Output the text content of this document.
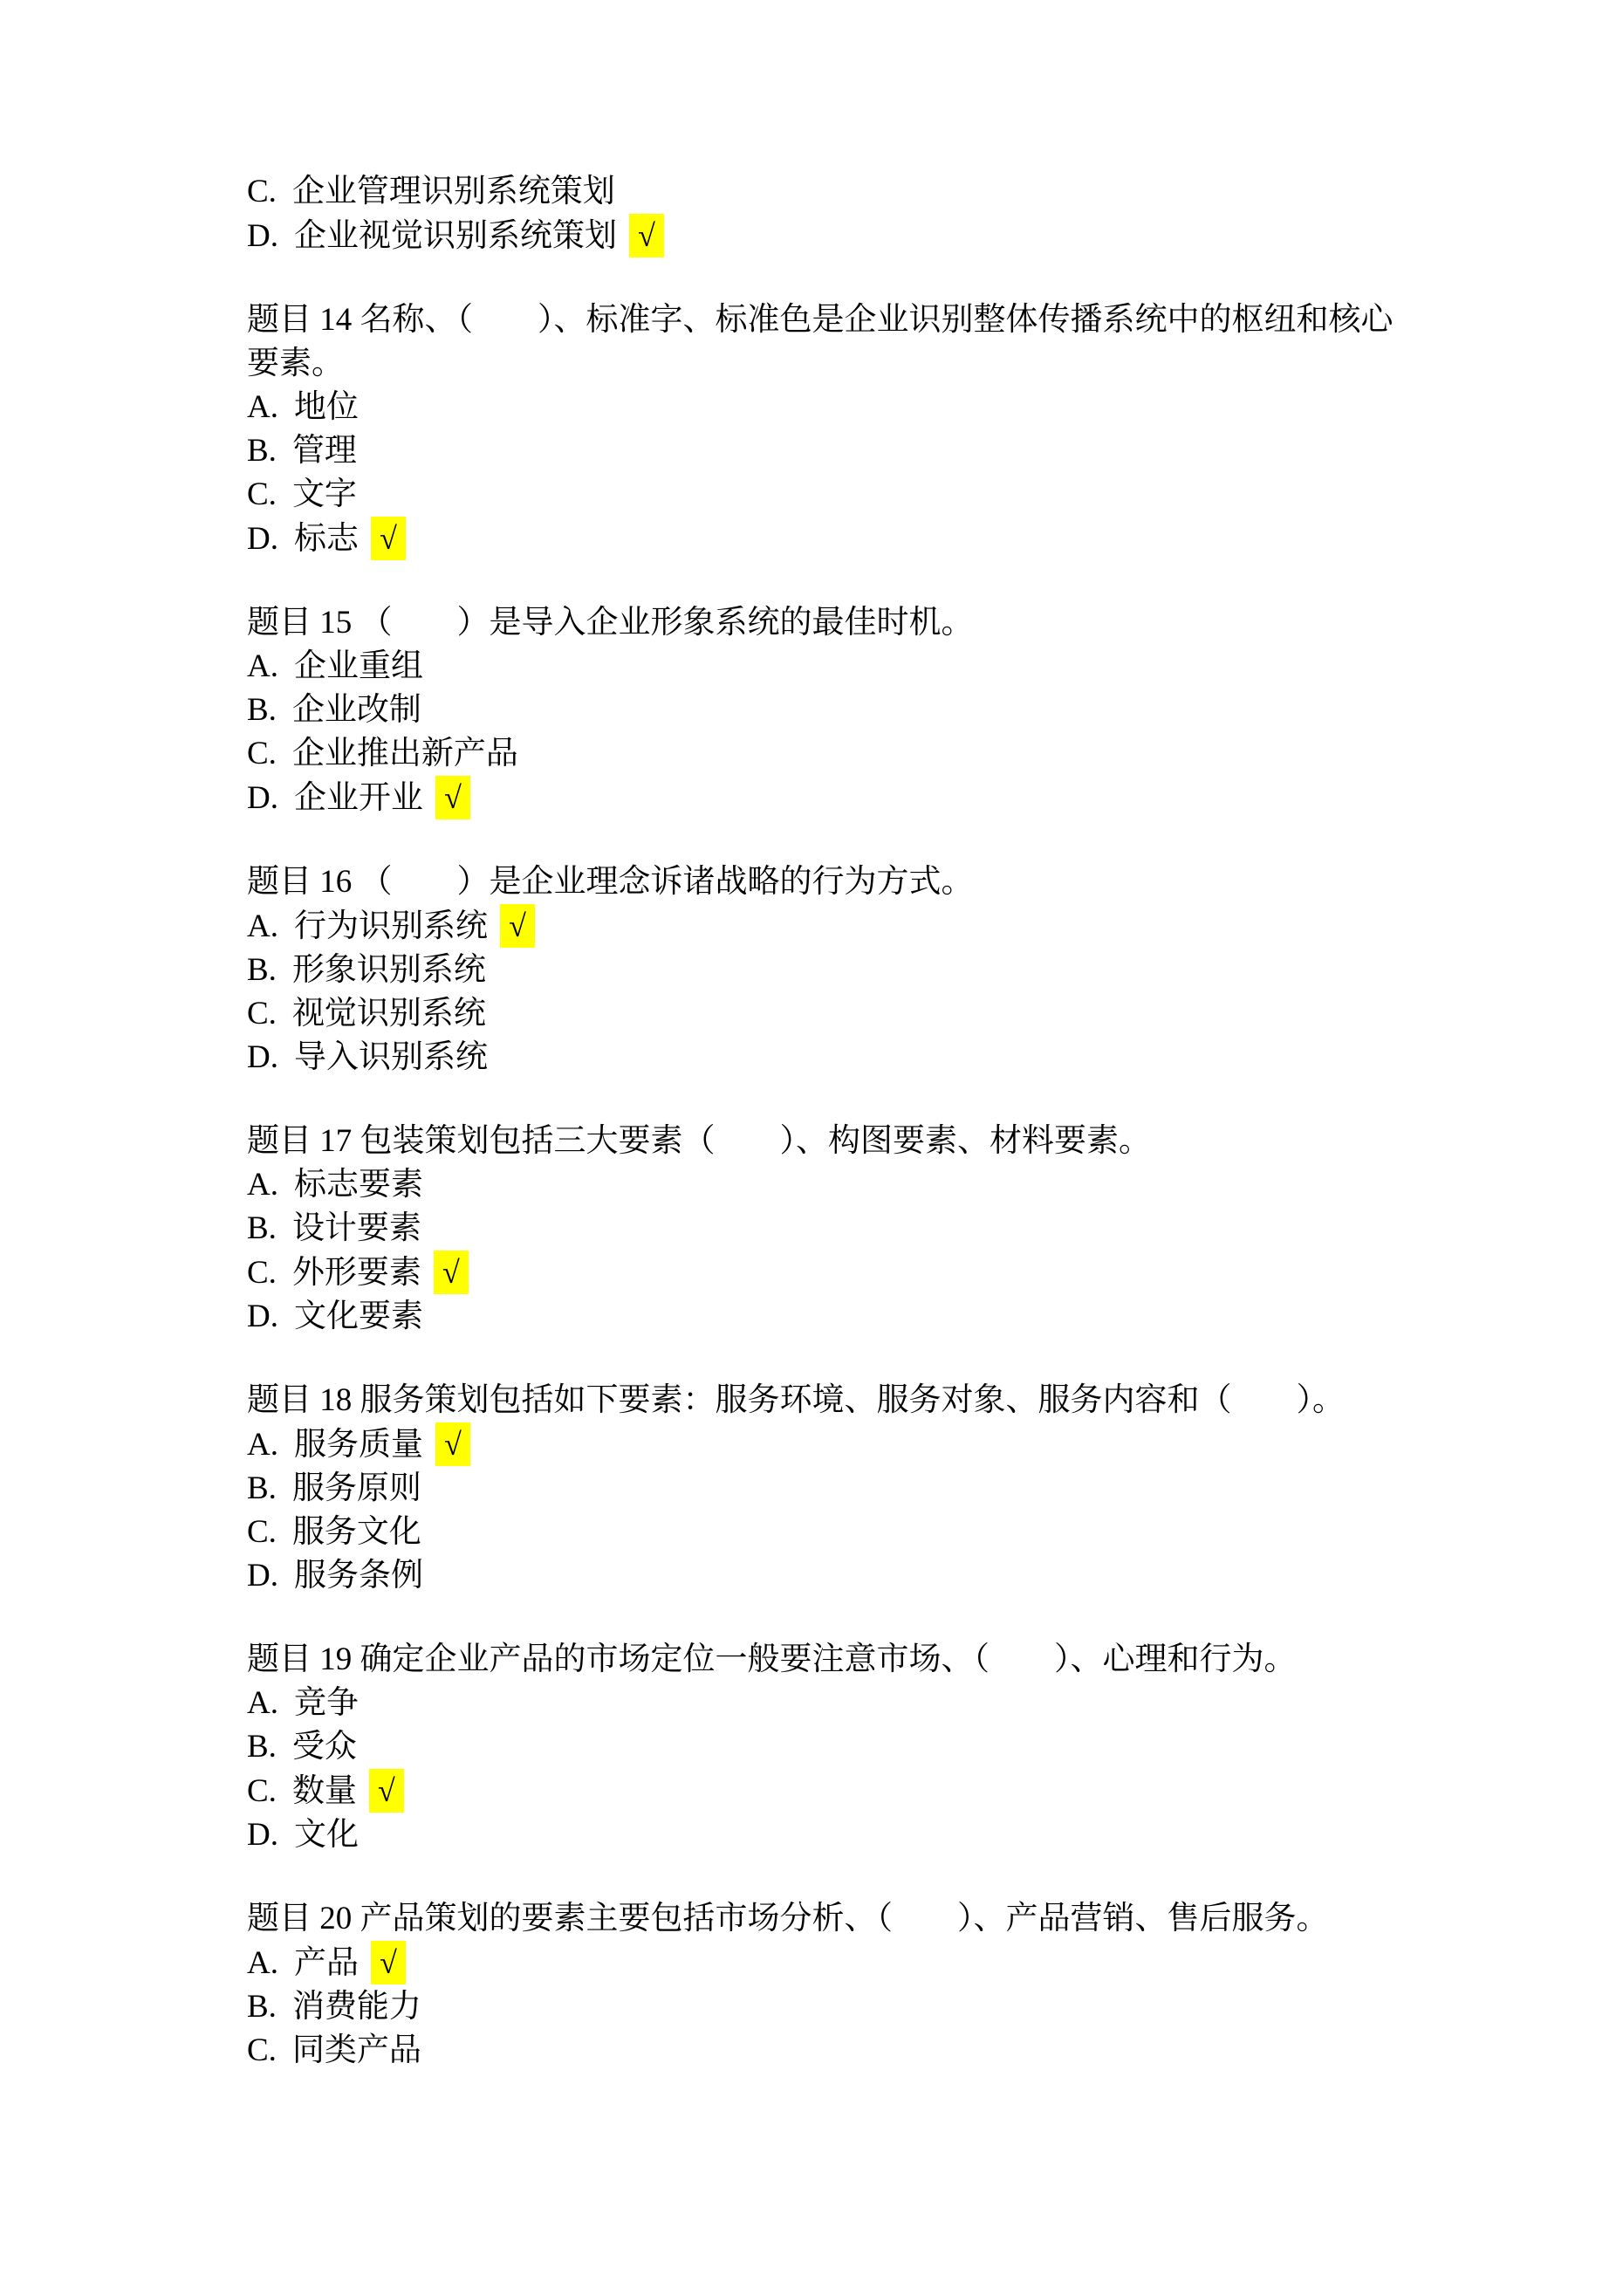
C. 企业管理识别系统策划
D. 企业视觉识别系统策划 √
题目 14 名称、（　　）、标准字、标准色是企业识别整体传播系统中的枢纽和核心
要素。
A. 地位
B. 管理
C. 文字
D. 标志 √
题目 15 （　　）是导入企业形象系统的最佳时机。
A. 企业重组
B. 企业改制
C. 企业推出新产品
D. 企业开业 √
题目 16 （　　）是企业理念诉诸战略的行为方式。
A. 行为识别系统 √
B. 形象识别系统
C. 视觉识别系统
D. 导入识别系统
题目 17 包装策划包括三大要素（　　）、构图要素、材料要素。
A. 标志要素
B. 设计要素
C. 外形要素 √
D. 文化要素
题目 18 服务策划包括如下要素：服务环境、服务对象、服务内容和（　　）。
A. 服务质量 √
B. 服务原则
C. 服务文化
D. 服务条例
题目 19 确定企业产品的市场定位一般要注意市场、（　　）、心理和行为。
A. 竞争
B. 受众
C. 数量 √
D. 文化
题目 20 产品策划的要素主要包括市场分析、（　　）、产品营销、售后服务。
A. 产品 √
B. 消费能力
C. 同类产品
